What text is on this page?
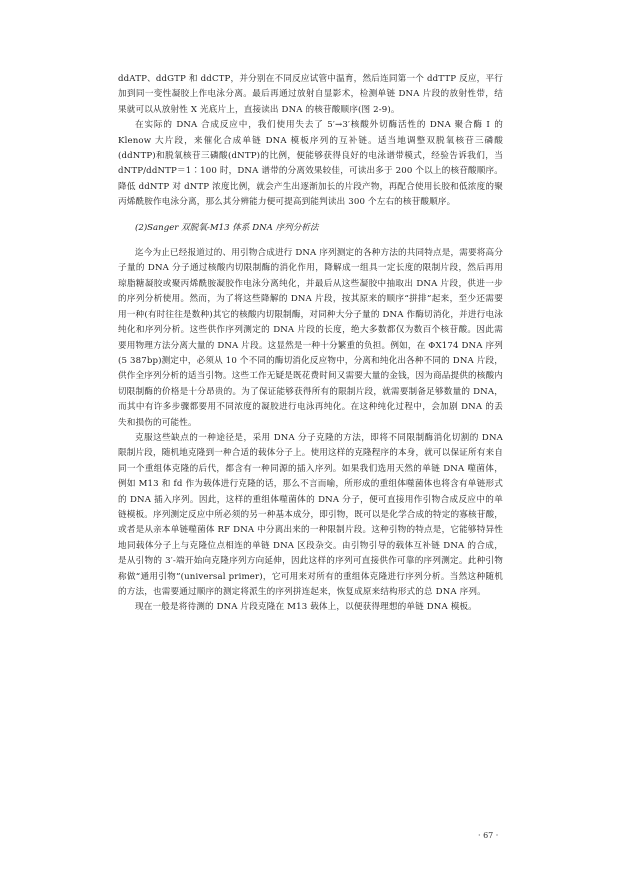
ddATP、ddGTP 和 ddCTP，并分别在不同反应试管中温育，然后连同第一个 ddTTP 反应，平行加到同一变性凝胶上作电泳分离。最后再通过放射自显影术，检测单链 DNA 片段的放射性带，结果就可以从放射性 X 光底片上，直接读出 DNA 的核苷酸顺序(图 2-9)。

在实际的 DNA 合成反应中，我们使用失去了 5′→3′核酸外切酶活性的 DNA 聚合酶 Ⅰ 的 Klenow 大片段，来催化合成单链 DNA 模板序列的互补链。适当地调整双脱氧核苷三磷酸(ddNTP)和脱氧核苷三磷酸(dNTP)的比例，便能够获得良好的电泳谱带模式，经验告诉我们，当 dNTP/ddNTP＝1∶100 时，DNA 谱带的分离效果较佳，可读出多于 200 个以上的核苷酸顺序。降低 ddNTP 对 dNTP 浓度比例，就会产生出逐渐加长的片段产物，再配合使用长胶和低浓度的聚丙烯酰胺作电泳分离，那么其分辨能力便可提高到能判读出 300 个左右的核苷酸顺序。

(2)Sanger 双脱氧-M13 体系 DNA 序列分析法

迄今为止已经报道过的、用引物合成进行 DNA 序列测定的各种方法的共同特点是，需要将高分子量的 DNA 分子通过核酸内切限制酶的消化作用，降解成一组具一定长度的限制片段，然后再用琼脂糖凝胶或聚丙烯酰胺凝胶作电泳分离纯化，并最后从这些凝胶中抽取出 DNA 片段，供进一步的序列分析使用。然而，为了将这些降解的 DNA 片段，按其原来的顺序“拼排”起来，至少还需要用一种(有时往往是数种)其它的核酸内切限制酶，对同种大分子量的 DNA 作酶切消化，并进行电泳纯化和序列分析。这些供作序列测定的 DNA 片段的长度，绝大多数都仅为数百个核苷酸。因此需要用物理方法分离大量的 DNA 片段。这显然是一种十分繁重的负担。例如，在 ΦX174 DNA 序列(5 387bp)测定中，必须从 10 个不同的酶切消化反应物中，分离和纯化出各种不同的 DNA 片段，供作全序列分析的适当引物。这些工作无疑是既花费时间又需要大量的金钱，因为商品提供的核酸内切限制酶的价格是十分昂贵的。为了保证能够获得所有的限制片段，就需要制备足够数量的 DNA，而其中有许多步骤都要用不同浓度的凝胶进行电泳再纯化。在这种纯化过程中，会加剧 DNA 的丢失和损伤的可能性。

克服这些缺点的一种途径是，采用 DNA 分子克隆的方法，即将不同限制酶消化切割的 DNA 限制片段，随机地克隆到一种合适的载体分子上。使用这样的克隆程序的本身，就可以保证所有来自同一个重组体克隆的后代，都含有一种同源的插入序列。如果我们选用天然的单链 DNA 噬菌体，例如 M13 和 fd 作为载体进行克隆的话，那么不言而喻，所形成的重组体噬菌体也将含有单链形式的 DNA 插入序列。因此，这样的重组体噬菌体的 DNA 分子，便可直接用作引物合成反应中的单链模板。序列测定反应中所必须的另一种基本成分，即引物，既可以是化学合成的特定的寡核苷酸，或者是从亲本单链噬菌体 RF DNA 中分离出来的一种限制片段。这种引物的特点是，它能够特异性地同载体分子上与克隆位点相连的单链 DNA 区段杂交。由引物引导的载体互补链 DNA 的合成，是从引物的 3′-端开始向克隆序列方向延伸，因此这样的序列可直接供作可靠的序列测定。此种引物称做“通用引物”(universal primer)，它可用来对所有的重组体克隆进行序列分析。当然这种随机的方法，也需要通过顺序的测定将派生的序列拼连起来，恢复成原来结构形式的总 DNA 序列。

现在一般是将待测的 DNA 片段克隆在 M13 载体上，以便获得理想的单链 DNA 模板。

· 67 ·
